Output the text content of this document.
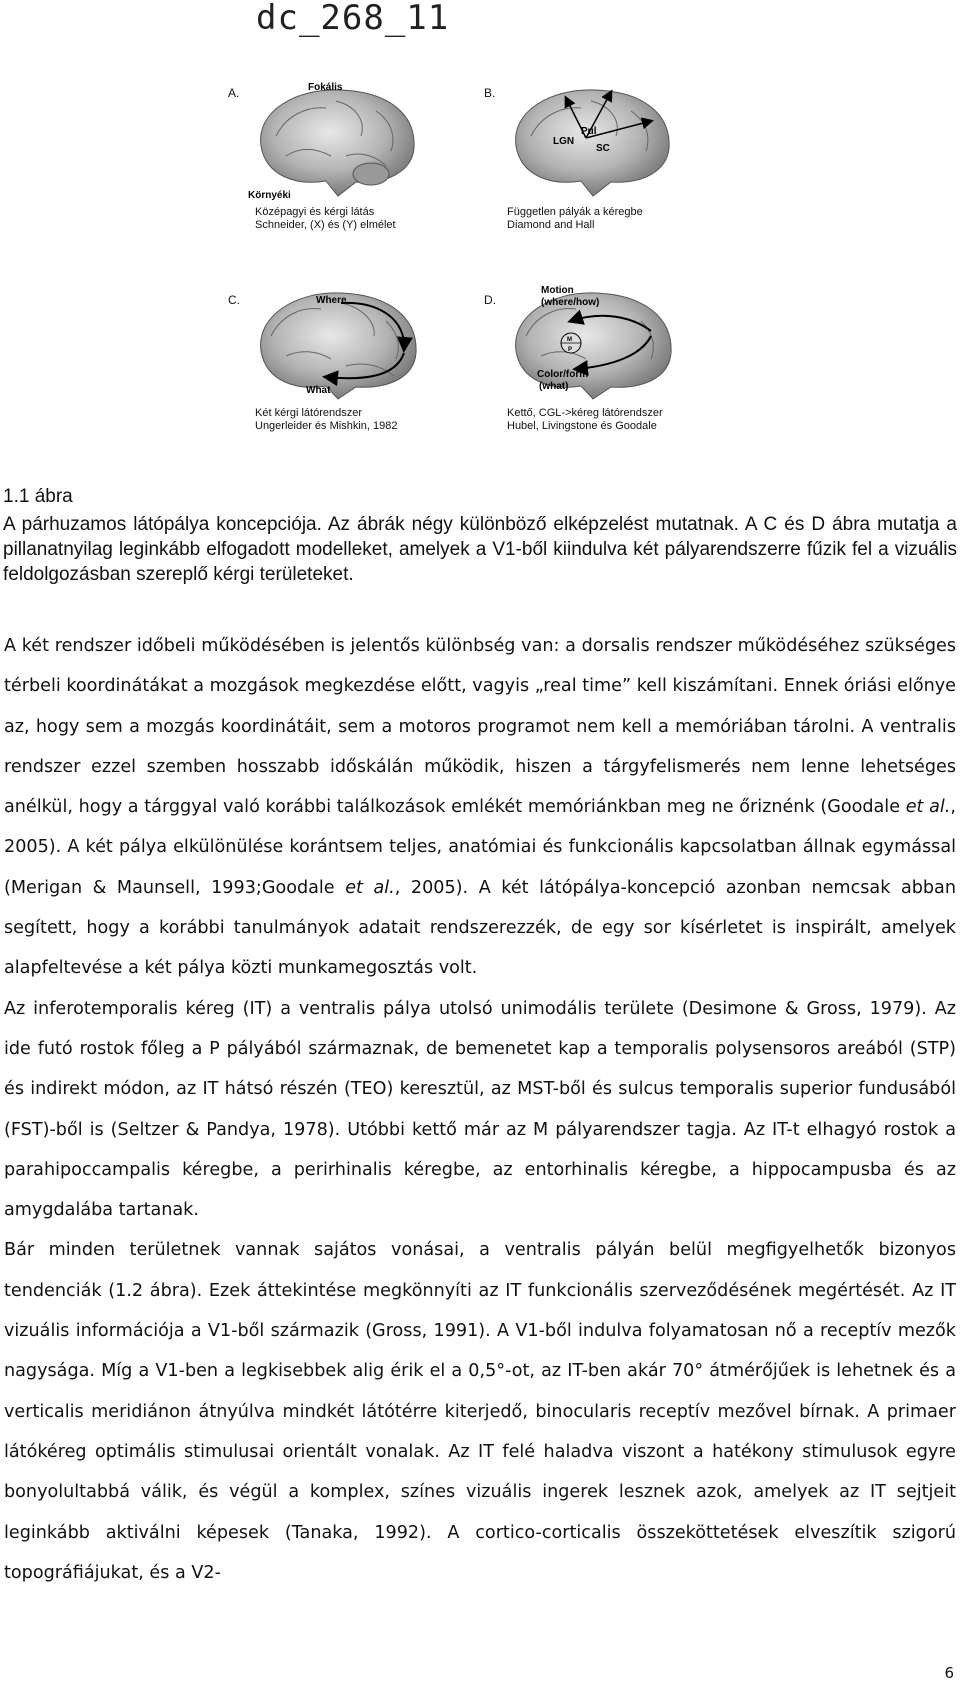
dc_268_11
A.	Fokális
Környéki
Középagyi és kérgi látás
Schneider, (X) és (Y) elmélet
B.
Pul
LGN
SC
Független pályák a kéregbe
Diamond and Hall
C.	Where
What
Két kérgi látórendszer
Ungerleider és Mishkin, 1982
D.
Motion
(where/how)
M
P
Color/form
(what)
Kettő, CGL->kéreg látórendszer
Hubel, Livingstone és Goodale
1.1 ábra
A párhuzamos látópálya koncepciója. Az ábrák négy különböző elképzelést mutatnak. A C és D ábra mutatja a pillanatnyilag leginkább elfogadott modelleket, amelyek a V1-ből kiindulva két pályarendszerre fűzik fel a vizuális feldolgozásban szereplő kérgi területeket.

A két rendszer időbeli működésében is jelentős különbség van: a dorsalis rendszer működéséhez szükséges térbeli koordinátákat a mozgások megkezdése előtt, vagyis „real time” kell kiszámítani. Ennek óriási előnye az, hogy sem a mozgás koordinátáit, sem a motoros programot nem kell a memóriában tárolni. A ventralis rendszer ezzel szemben hosszabb időskálán működik, hiszen a tárgyfelismerés nem lenne lehetséges anélkül, hogy a tárggyal való korábbi találkozások emlékét memóriánkban meg ne őriznénk (Goodale et al., 2005). A két pálya elkülönülése korántsem teljes, anatómiai és funkcionális kapcsolatban állnak egymással (Merigan & Maunsell, 1993;Goodale et al., 2005). A két látópálya-koncepció azonban nemcsak abban segített, hogy a korábbi tanulmányok adatait rendszerezzék, de egy sor kísérletet is inspirált, amelyek alapfeltevése a két pálya közti munkamegosztás volt.

Az inferotemporalis kéreg (IT) a ventralis pálya utolsó unimodális területe (Desimone & Gross, 1979). Az ide futó rostok főleg a P pályából származnak, de bemenetet kap a temporalis polysensoros areából (STP) és indirekt módon, az IT hátsó részén (TEO) keresztül, az MST-ből és sulcus temporalis superior fundusából (FST)-ből is (Seltzer & Pandya, 1978). Utóbbi kettő már az M pályarendszer tagja. Az IT-t elhagyó rostok a parahipoccampalis kéregbe, a perirhinalis kéregbe, az entorhinalis kéregbe, a hippocampusba és az amygdalába tartanak.

Bár minden területnek vannak sajátos vonásai, a ventralis pályán belül megfigyelhetők bizonyos tendenciák (1.2 ábra). Ezek áttekintése megkönnyíti az IT funkcionális szerveződésének megértését. Az IT vizuális információja a V1-ből származik (Gross, 1991). A V1-ből indulva folyamatosan nő a receptív mezők nagysága. Míg a V1-ben a legkisebbek alig érik el a 0,5°-ot, az IT-ben akár 70° átmérőjűek is lehetnek és a verticalis meridiánon átnyúlva mindkét látótérre kiterjedő, binocularis receptív mezővel bírnak. A primaer látókéreg optimális stimulusai orientált vonalak. Az IT felé haladva viszont a hatékony stimulusok egyre bonyolultabbá válik, és végül a komplex, színes vizuális ingerek lesznek azok, amelyek az IT sejtjeit leginkább aktiválni képesek (Tanaka, 1992). A cortico-corticalis összeköttetések elveszítik szigorú topográfiájukat, és a V2-

6
